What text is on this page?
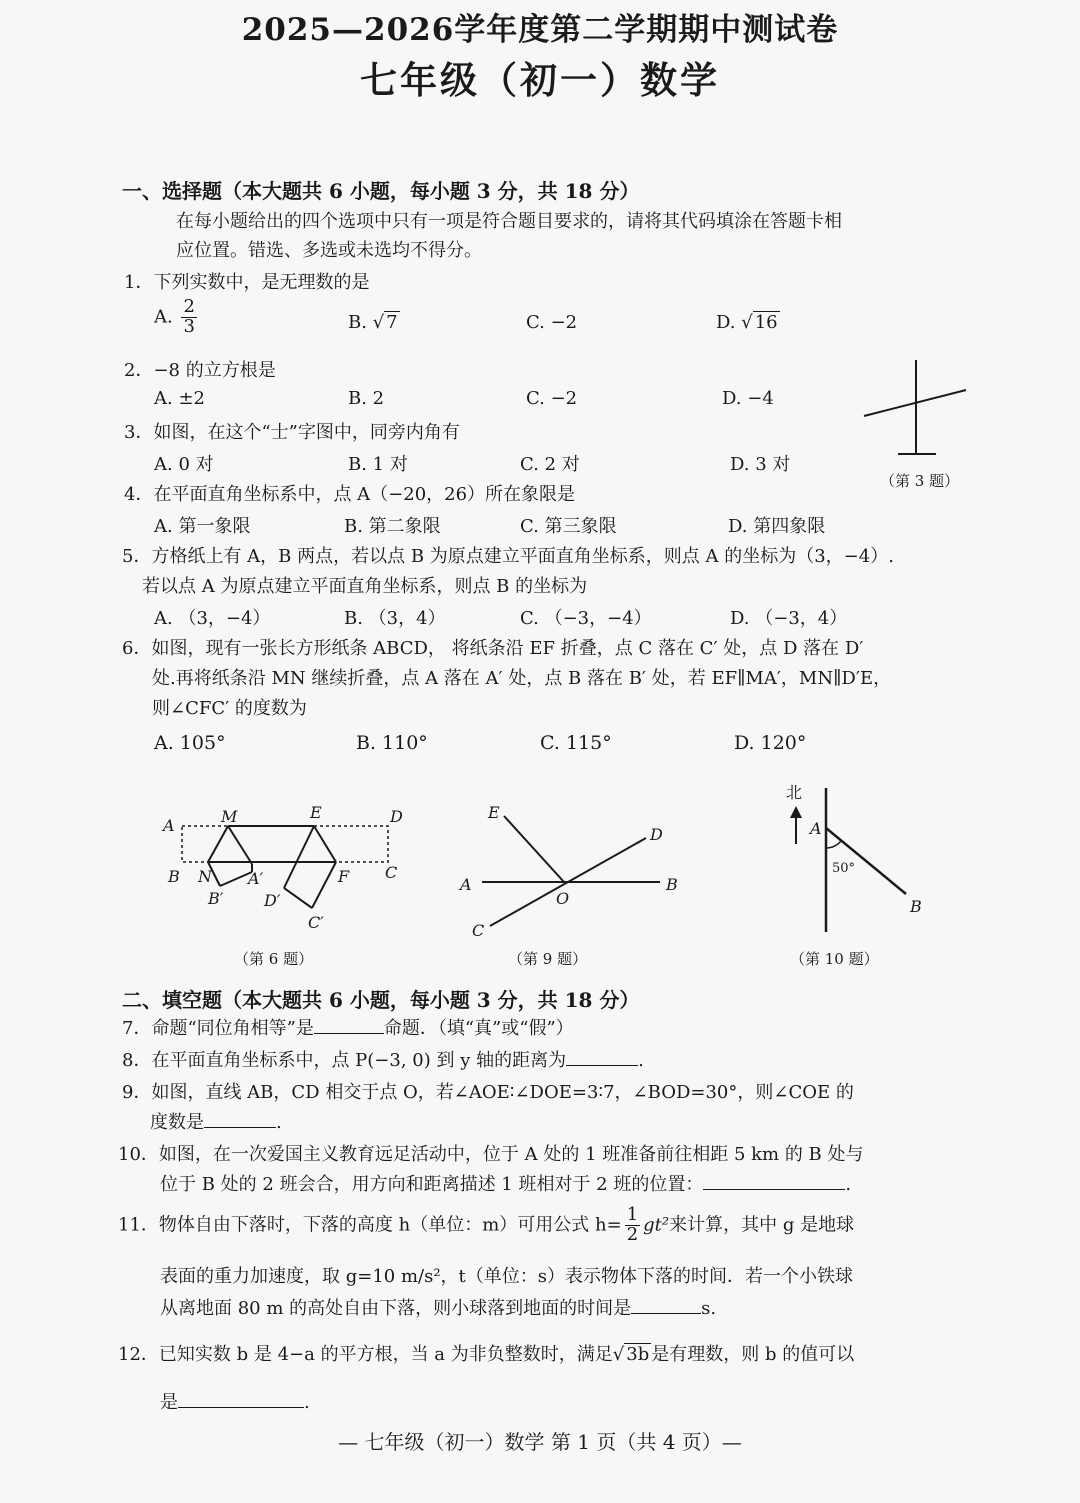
2025—2026学年度第二学期期中测试卷
七年级（初一）数学
一、选择题（本大题共 6 小题，每小题 3 分，共 18 分）
在每小题给出的四个选项中只有一项是符合题目要求的，请将其代码填涂在答题卡相
应位置。错选、多选或未选均不得分。
1．下列实数中，是无理数的是
A. $\frac{2}{3}$	B. √ 7	C. −2	D. √ 16
2．−8 的立方根是
A. ±2	B. 2	C. −2	D. −4
（第 3 题）
3．如图，在这个“士”字图中，同旁内角有
A. 0 对	B. 1 对	C. 2 对	D. 3 对
4．在平面直角坐标系中，点 A（−20，26）所在象限是
A. 第一象限	B. 第二象限	C. 第三象限	D. 第四象限
5．方格纸上有 A，B 两点，若以点 B 为原点建立平面直角坐标系，则点 A 的坐标为（3，−4）.
若以点 A 为原点建立平面直角坐标系，则点 B 的坐标为
A. （3，−4）	B. （3，4）	C. （−3，−4）	D. （−3，4）
6．如图，现有一张长方形纸条 ABCD， 将纸条沿 EF 折叠，点 C 落在 C′ 处，点 D 落在 D′
处.再将纸条沿 MN 继续折叠，点 A 落在 A′ 处，点 B 落在 B′ 处，若 EF∥MA′，MN∥D′E，
则∠CFC′ 的度数为
A. 105°	B. 110°	C. 115°	D. 120°
A	M	E	D
B N A′	F C
B′	D′
C′
（第 6 题）
E
D
A
O
B
C
（第 9 题）
北
A
50°
B
（第 10 题）
二、填空题（本大题共 6 小题，每小题 3 分，共 18 分）
7．命题“同位角相等”是	命题．（填“真”或“假”）
8．在平面直角坐标系中，点 P(−3, 0) 到 y 轴的距离为	.
9．如图，直线 AB，CD 相交于点 O，若∠AOE∶∠DOE=3∶7，∠BOD=30°，则∠COE 的
度数是	.
10．如图，在一次爱国主义教育远足活动中，位于 A 处的 1 班准备前往相距 5 km 的 B 处与
位于 B 处的 2 班会合，用方向和距离描述 1 班相对于 2 班的位置：	.
11．物体自由下落时，下落的高度 h（单位：m）可用公式 $h= \frac{1}{2} gt^2$来计算，其中 g 是地球
表面的重力加速度，取 g=10 m/s²，t（单位：s）表示物体下落的时间．若一个小铁球
从离地面 80 m 的高处自由下落，则小球落到地面的时间是	s.
12．已知实数 b 是 4−a 的平方根，当 a 为非负整数时，满足√ 3b 是有理数，则 b 的值可以
是	.
— 七年级（初一）数学 第 1 页（共 4 页）—
